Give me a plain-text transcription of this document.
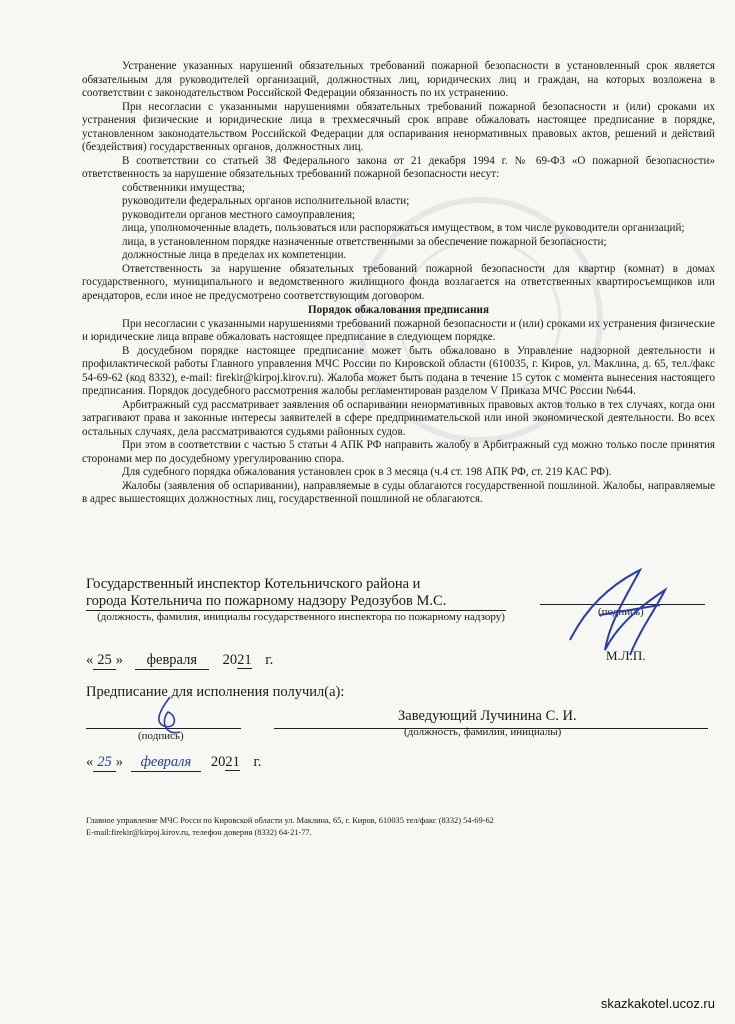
Устранение указанных нарушений обязательных требований пожарной безопасности в установленный срок является обязательным для руководителей организаций, должностных лиц, юридических лиц и граждан, на которых возложена в соответствии с законодательством Российской Федерации обязанность по их устранению.

При несогласии с указанными нарушениями обязательных требований пожарной безопасности и (или) сроками их устранения физические и юридические лица в трехмесячный срок вправе обжаловать настоящее предписание в порядке, установленном законодательством Российской Федерации для оспаривания ненормативных правовых актов, решений и действий (бездействия) государственных органов, должностных лиц.

В соответствии со статьей 38 Федерального закона от 21 декабря 1994 г. № 69-ФЗ «О пожарной безопасности» ответственность за нарушение обязательных требований пожарной безопасности несут:

собственники имущества;

руководители федеральных органов исполнительной власти;

руководители органов местного самоуправления;

лица, уполномоченные владеть, пользоваться или распоряжаться имуществом, в том числе руководители организаций;

лица, в установленном порядке назначенные ответственными за обеспечение пожарной безопасности;

должностные лица в пределах их компетенции.

Ответственность за нарушение обязательных требований пожарной безопасности для квартир (комнат) в домах государственного, муниципального и ведомственного жилищного фонда возлагается на ответственных квартиросъемщиков или арендаторов, если иное не предусмотрено соответствующим договором.

Порядок обжалования предписания

При несогласии с указанными нарушениями требований пожарной безопасности и (или) сроками их устранения физические и юридические лица вправе обжаловать настоящее предписание в следующем порядке.

В досудебном порядке настоящее предписание может быть обжаловано в Управление надзорной деятельности и профилактической работы Главного управления МЧС России по Кировской области (610035, г. Киров, ул. Маклина, д. 65, тел./факс 54-69-62 (код 8332), e-mail: firekir@kirpoj.kirov.ru). Жалоба может быть подана в течение 15 суток с момента вынесения настоящего предписания. Порядок досудебного рассмотрения жалобы регламентирован разделом V Приказа МЧС России №644.

Арбитражный суд рассматривает заявления об оспаривании ненормативных правовых актов только в тех случаях, когда они затрагивают права и законные интересы заявителей в сфере предпринимательской или иной экономической деятельности. Во всех остальных случаях, дела рассматриваются судьями районных судов.

При этом в соответствии с частью 5 статьи 4 АПК РФ направить жалобу в Арбитражный суд можно только после принятия сторонами мер по досудебному урегулированию спора.

Для судебного порядка обжалования установлен срок в 3 месяца (ч.4 ст. 198 АПК РФ, ст. 219 КАС РФ).

Жалобы (заявления об оспаривании), направляемые в суды облагаются государственной пошлиной. Жалобы, направляемые в адрес вышестоящих должностных лиц, государственной пошлиной не облагаются.

Государственный инспектор Котельничского района и
города Котельнича по пожарному надзору Редозубов М.С.
(должность, фамилия, инициалы государственного инспектора по пожарному надзору)	(подпись)
М.Л.П.
« 25 » февраля 2021 г.
Предписание для исполнения получил(а):
Заведующий Лучинина С. И.
(подпись)	(должность, фамилия, инициалы)
« 25 » февраля 2021 г.
Главное управление МЧС Росси по Кировской области ул. Маклина, 65, г. Киров, 610035 тел/факс (8332) 54-69-62
E-mail:firekir@kirpoj.kirov.ru, телефон доверия (8332) 64-21-77.
skazkakotel.ucoz.ru
